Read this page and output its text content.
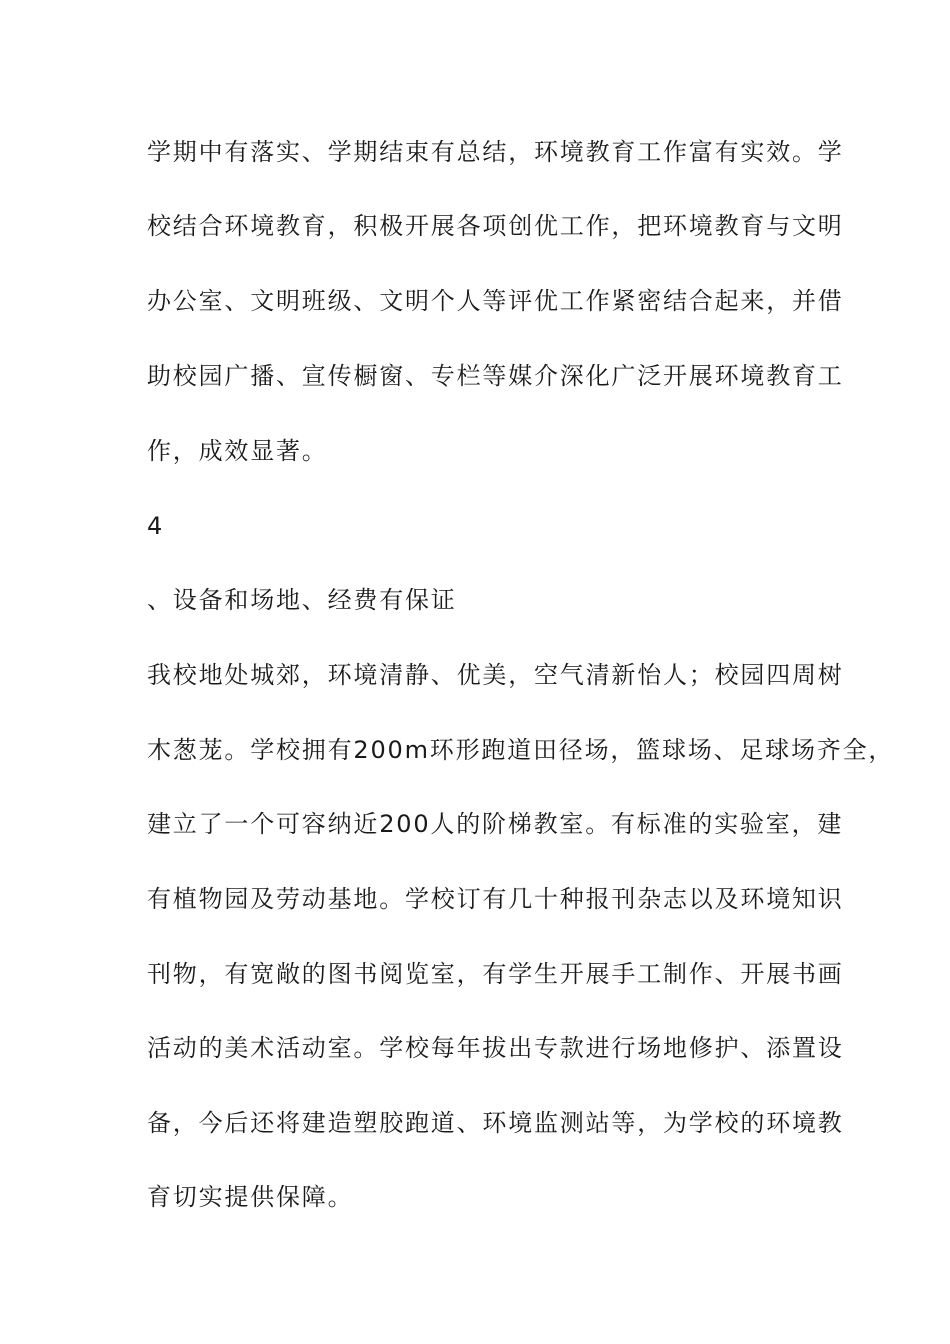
学期中有落实、学期结束有总结，环境教育工作富有实效。学
校结合环境教育，积极开展各项创优工作，把环境教育与文明
办公室、文明班级、文明个人等评优工作紧密结合起来，并借
助校园广播、宣传橱窗、专栏等媒介深化广泛开展环境教育工
作，成效显著。
4
、设备和场地、经费有保证
我校地处城郊，环境清静、优美，空气清新怡人；校园四周树
木葱茏。学校拥有200m环形跑道田径场，篮球场、足球场齐全，
建立了一个可容纳近200人的阶梯教室。有标准的实验室，建
有植物园及劳动基地。学校订有几十种报刊杂志以及环境知识
刊物，有宽敞的图书阅览室，有学生开展手工制作、开展书画
活动的美术活动室。学校每年拔出专款进行场地修护、添置设
备，今后还将建造塑胶跑道、环境监测站等，为学校的环境教
育切实提供保障。
